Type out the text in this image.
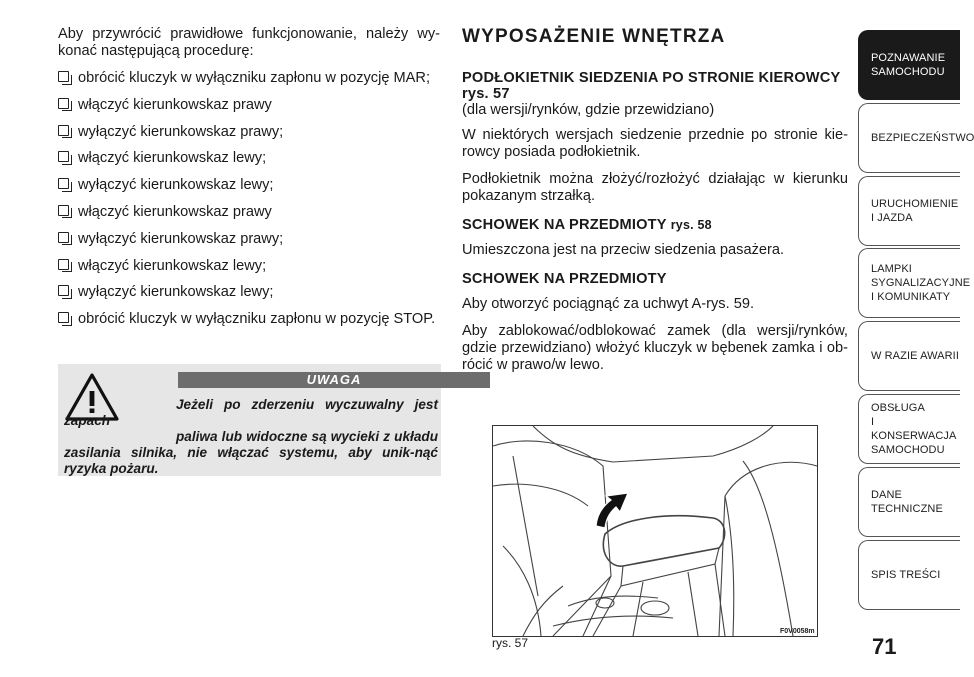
Aby przywrócić prawidłowe funkcjonowanie, należy wy-konać następującą procedurę:

obrócić kluczyk w wyłączniku zapłonu w pozycję MAR;
włączyć kierunkowskaz prawy
wyłączyć kierunkowskaz prawy;
włączyć kierunkowskaz lewy;
wyłączyć kierunkowskaz lewy;
włączyć kierunkowskaz prawy
wyłączyć kierunkowskaz prawy;
włączyć kierunkowskaz lewy;
wyłączyć kierunkowskaz lewy;
obrócić kluczyk w wyłączniku zapłonu w pozycję STOP.
UWAGA
Jeżeli po zderzeniu wyczuwalny jest zapach
paliwa lub widoczne są wycieki z układu
zasilania silnika, nie włączać systemu, aby unik-nąć ryzyka pożaru.
WYPOSAŻENIE WNĘTRZA
PODŁOKIETNIK SIEDZENIA PO STRONIE KIEROWCY rys. 57

(dla wersji/rynków, gdzie przewidziano)

W niektórych wersjach siedzenie przednie po stronie kie-rowcy posiada podłokietnik.

Podłokietnik można złożyć/rozłożyć działając w kierunku pokazanym strzałką.

SCHOWEK NA PRZEDMIOTY rys. 58

Umieszczona jest na przeciw siedzenia pasażera.

SCHOWEK NA PRZEDMIOTY

Aby otworzyć pociągnąć za uchwyt A-rys. 59.

Aby zablokować/odblokować zamek (dla wersji/rynków, gdzie przewidziano) włożyć kluczyk w bębenek zamka i ob-rócić w prawo/w lewo.

rys. 57
F0V0058m
POZNAWANIE
SAMOCHODU
BEZPIECZEŃSTWO
URUCHOMIENIE
I JAZDA
LAMPKI
SYGNALIZACYJNE
I KOMUNIKATY
W RAZIE AWARII
OBSŁUGA
I KONSERWACJA
SAMOCHODU
DANE
TECHNICZNE
SPIS TREŚCI
71
